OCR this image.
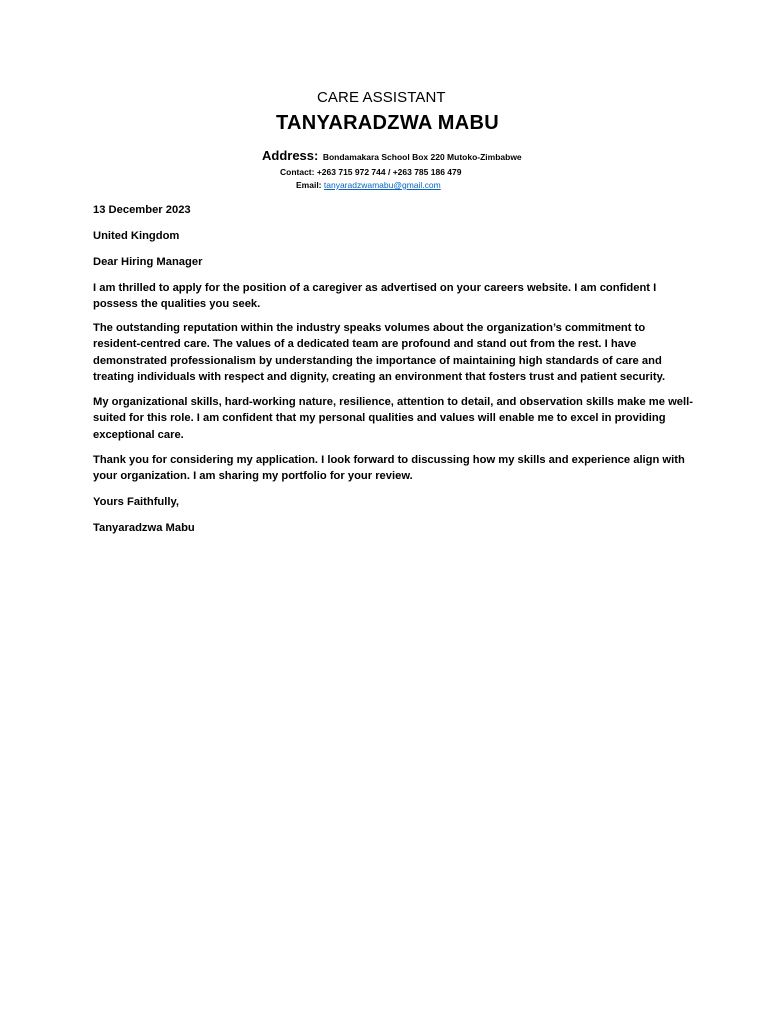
CARE ASSISTANT
TANYARADZWA MABU
Address: Bondamakara School Box 220 Mutoko-Zimbabwe
Contact: +263 715 972 744 / +263 785 186 479
Email: tanyaradzwamabu@gmail.com
13 December 2023
United Kingdom
Dear Hiring Manager
I am thrilled to apply for the position of a caregiver as advertised on your careers website. I am confident I possess the qualities you seek.
The outstanding reputation within the industry speaks volumes about the organization’s commitment to resident-centred care. The values of a dedicated team are profound and stand out from the rest. I have demonstrated professionalism by understanding the importance of maintaining high standards of care and treating individuals with respect and dignity, creating an environment that fosters trust and patient security.
My organizational skills, hard-working nature, resilience, attention to detail, and observation skills make me well-suited for this role. I am confident that my personal qualities and values will enable me to excel in providing exceptional care.
Thank you for considering my application. I look forward to discussing how my skills and experience align with your organization. I am sharing my portfolio for your review.
Yours Faithfully,
Tanyaradzwa Mabu
